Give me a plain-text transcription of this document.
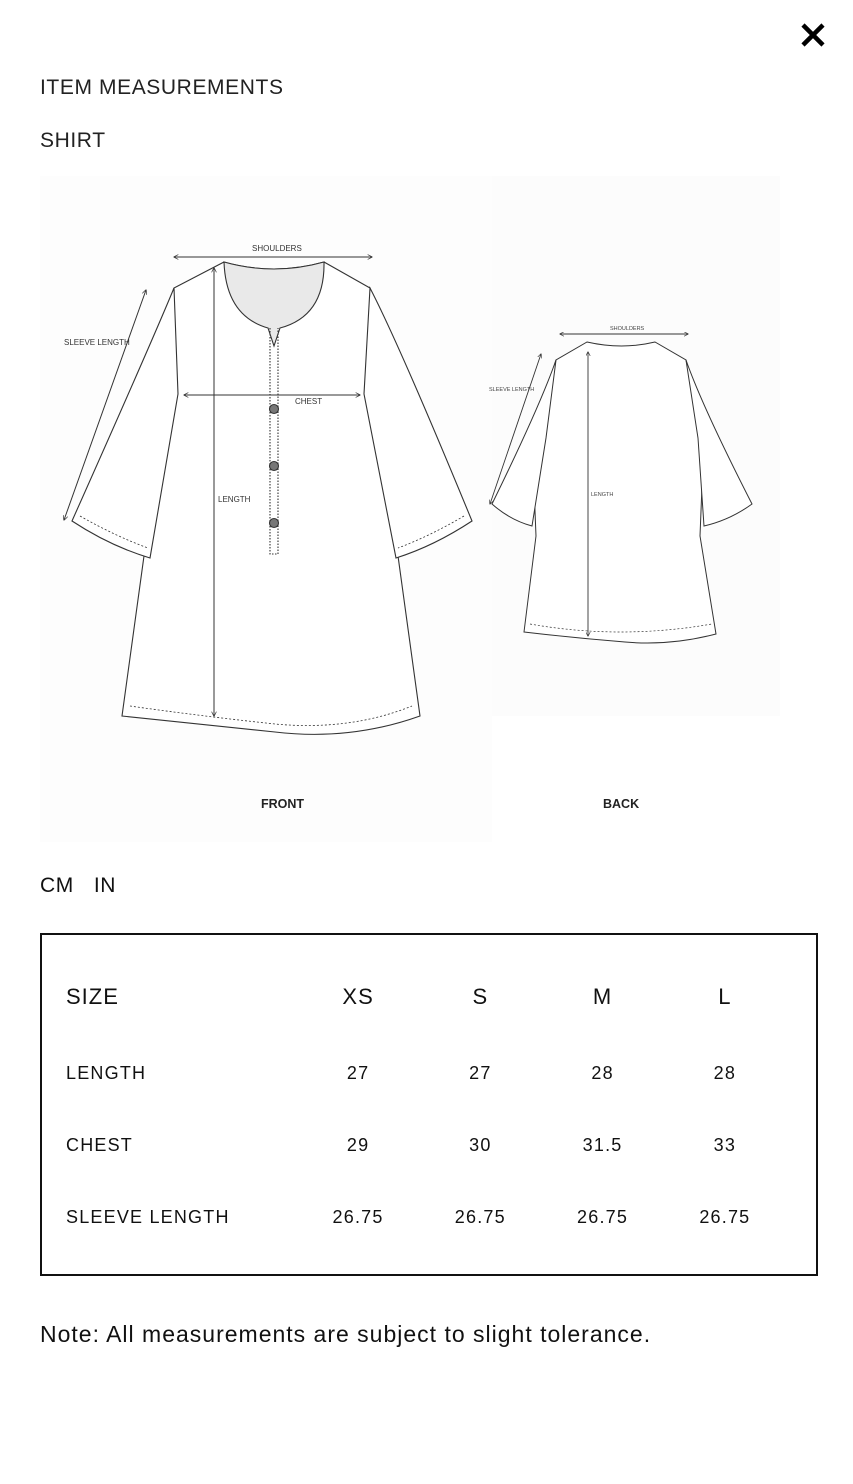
ITEM MEASUREMENTS
SHIRT
SHOULDERS
CHEST
LENGTH
SLEEVE LENGTH
FRONT
SHOULDERS
LENGTH
SLEEVE LENGTH
BACK
CM IN
SIZE	XS	S	M	L
LENGTH	27	27	28	28
CHEST	29	30	31.5	33
SLEEVE LENGTH	26.75	26.75	26.75	26.75
Note: All measurements are subject to slight tolerance.
